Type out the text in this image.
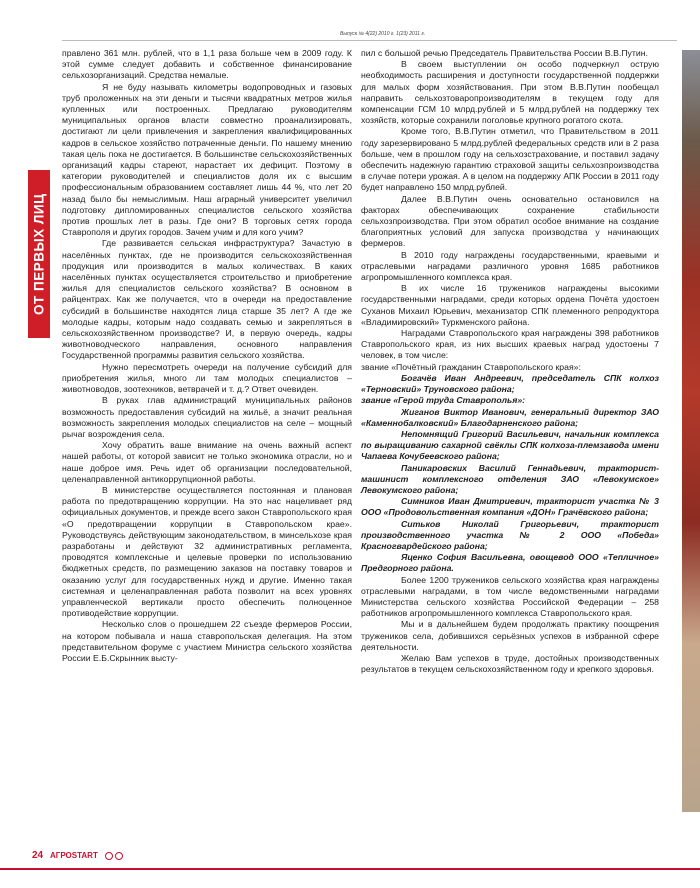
Выпуск № 4(22) 2010 г. 1(23) 2011 г.
ОТ ПЕРВЫХ ЛИЦ

правлено 361 млн. рублей, что в 1,1 раза больше чем в 2009 году. К этой сумме следует добавить и собственное финансирование сельхозорганизаций. Средства немалые.

Я не буду называть километры водопроводных и газовых труб проложенных на эти деньги и тысячи квадратных метров жилья купленных или построенных. Предлагаю руководителям муниципальных органов власти совместно проанализировать, достигают ли цели привлечения и закрепления квалифицированных кадров в сельское хозяйство потраченные деньги. По нашему мнению такая цель пока не достигается. В большинстве сельскохозяйственных организаций кадры стареют, нарастает их дефицит. Поэтому в категории руководителей и специалистов доля их с высшим профессиональным образованием составляет лишь 44 %, что лет 20 назад было бы немыслимым. Наш аграрный университет увеличил подготовку дипломированных специалистов сельского хозяйства против прошлых лет в разы. Где они? В торговых сетях города Ставрополя и других городов. Зачем учим и для кого учим?

Где развивается сельская инфраструктура? Зачастую в населённых пунктах, где не производится сельскохозяйственная продукция или производится в малых количествах. В каких населённых пунктах осуществляется строительство и приобретение жилья для специалистов сельского хозяйства? В основном в райцентрах. Как же получается, что в очереди на предоставление субсидий в большинстве находятся лица старше 35 лет? А где же молодые кадры, которым надо создавать семью и закрепляться в сельскохозяйственном производстве? И, в первую очередь, кадры животноводческого направления, основного направления Государственной программы развития сельского хозяйства.

Нужно пересмотреть очереди на получение субсидий для приобретения жилья, много ли там молодых специалистов –животноводов, зоотехников, ветврачей и т. д.? Ответ очевиден.

В руках глав администраций муниципальных районов возможность предоставления субсидий на жильё, а значит реальная возможность закрепления молодых специалистов на селе – мощный рычаг возрождения села.

Хочу обратить ваше внимание на очень важный аспект нашей работы, от которой зависит не только экономика отрасли, но и наше доброе имя. Речь идет об организации последовательной, целенаправленной антикоррупционной работы.

В министерстве осуществляется постоянная и плановая работа по предотвращению коррупции. На это нас нацеливает ряд официальных документов, и прежде всего закон Ставропольского края «О предотвращении коррупции в Ставропольском крае». Руководствуясь действующим законодательством, в минсельхозе края разработаны и действуют 32 административных регламента, проводятся комплексные и целевые проверки по использованию бюджетных средств, по размещению заказов на поставку товаров и оказанию услуг для государственных нужд и другие. Именно такая системная и целенаправленная работа позволит на всех уровнях управленческой вертикали просто обеспечить полноценное противодействие коррупции.

Несколько слов о прошедшем 22 съезде фермеров России, на котором побывала и наша ставропольская делегация. На этом представительном форуме с участием Министра сельского хозяйства России Е.Б.Скрынник высту-

пил с большой речью Председатель Правительства России В.В.Путин.

В своем выступлении он особо подчеркнул острую необходимость расширения и доступности государственной поддержки для малых форм хозяйствования. При этом В.В.Путин пообещал направить сельхозтоваропроизводителям в текущем году для компенсации ГСМ 10 млрд.рублей и 5 млрд.рублей на поддержку тех хозяйств, которые сохранили поголовье крупного рогатого скота.

Кроме того, В.В.Путин отметил, что Правительством в 2011 году зарезервировано 5 млрд.рублей федеральных средств или в 2 раза больше, чем в прошлом году на сельхозстрахование, и поставил задачу обеспечить надежную гарантию страховой защиты сельхозпроизводства в случае потери урожая. А в целом на поддержку АПК России в 2011 году будет направлено 150 млрд.рублей.

Далее В.В.Путин очень основательно остановился на факторах обеспечивающих сохранение стабильности сельхозпроизводства. При этом обратил особое внимание на создание благоприятных условий для запуска производства у начинающих фермеров.

В 2010 году награждены государственными, краевыми и отраслевыми наградами различного уровня 1685 работников агропромышленного комплекса края.

В их числе 16 тружеников награждены высокими государственными наградами, среди которых ордена Почёта удостоен Суханов Михаил Юрьевич, механизатор СПК племенного репродуктора «Владимировский» Туркменского района.

Наградами Ставропольского края награждены 398 работников Ставропольского края, из них высших краевых наград удостоены 7 человек, в том числе:

звание «Почётный гражданин Ставропольского края»:

Богачёв Иван Андреевич, председатель СПК колхоз «Терновский» Труновского района;

звание «Герой труда Ставрополья»:

Жиганов Виктор Иванович, генеральный директор ЗАО «Каменнобалковский» Благодарненского района;

Непомнящий Григорий Васильевич, начальник комплекса по выращиванию сахарной свёклы СПК колхоза-племзавода имени Чапаева Кочубеевского района;

Паникаровских Василий Геннадьевич, тракторист-машинист комплексного отделения ЗАО «Левокумское» Левокумского района;

Симников Иван Дмитриевич, тракторист участка № 3 ООО «Продовольственная компания «ДОН» Грачёвского района;

Ситьков Николай Григорьевич, тракторист производственного участка № 2 ООО «Победа» Красногвардейского района;

Яценко София Васильевна, овощевод ООО «Тепличное» Предгорного района.

Более 1200 тружеников сельского хозяйства края награждены отраслевыми наградами, в том числе ведомственными наградами Министерства сельского хозяйства Российской Федерации – 258 работников агропромышленного комплекса Ставропольского края.

Мы и в дальнейшем будем продолжать практику поощрения тружеников села, добившихся серьёзных успехов в избранной сфере деятельности.

Желаю Вам успехов в труде, достойных производственных результатов в текущем сельскохозяйственном году и крепкого здоровья.

24 АГРОSTART
